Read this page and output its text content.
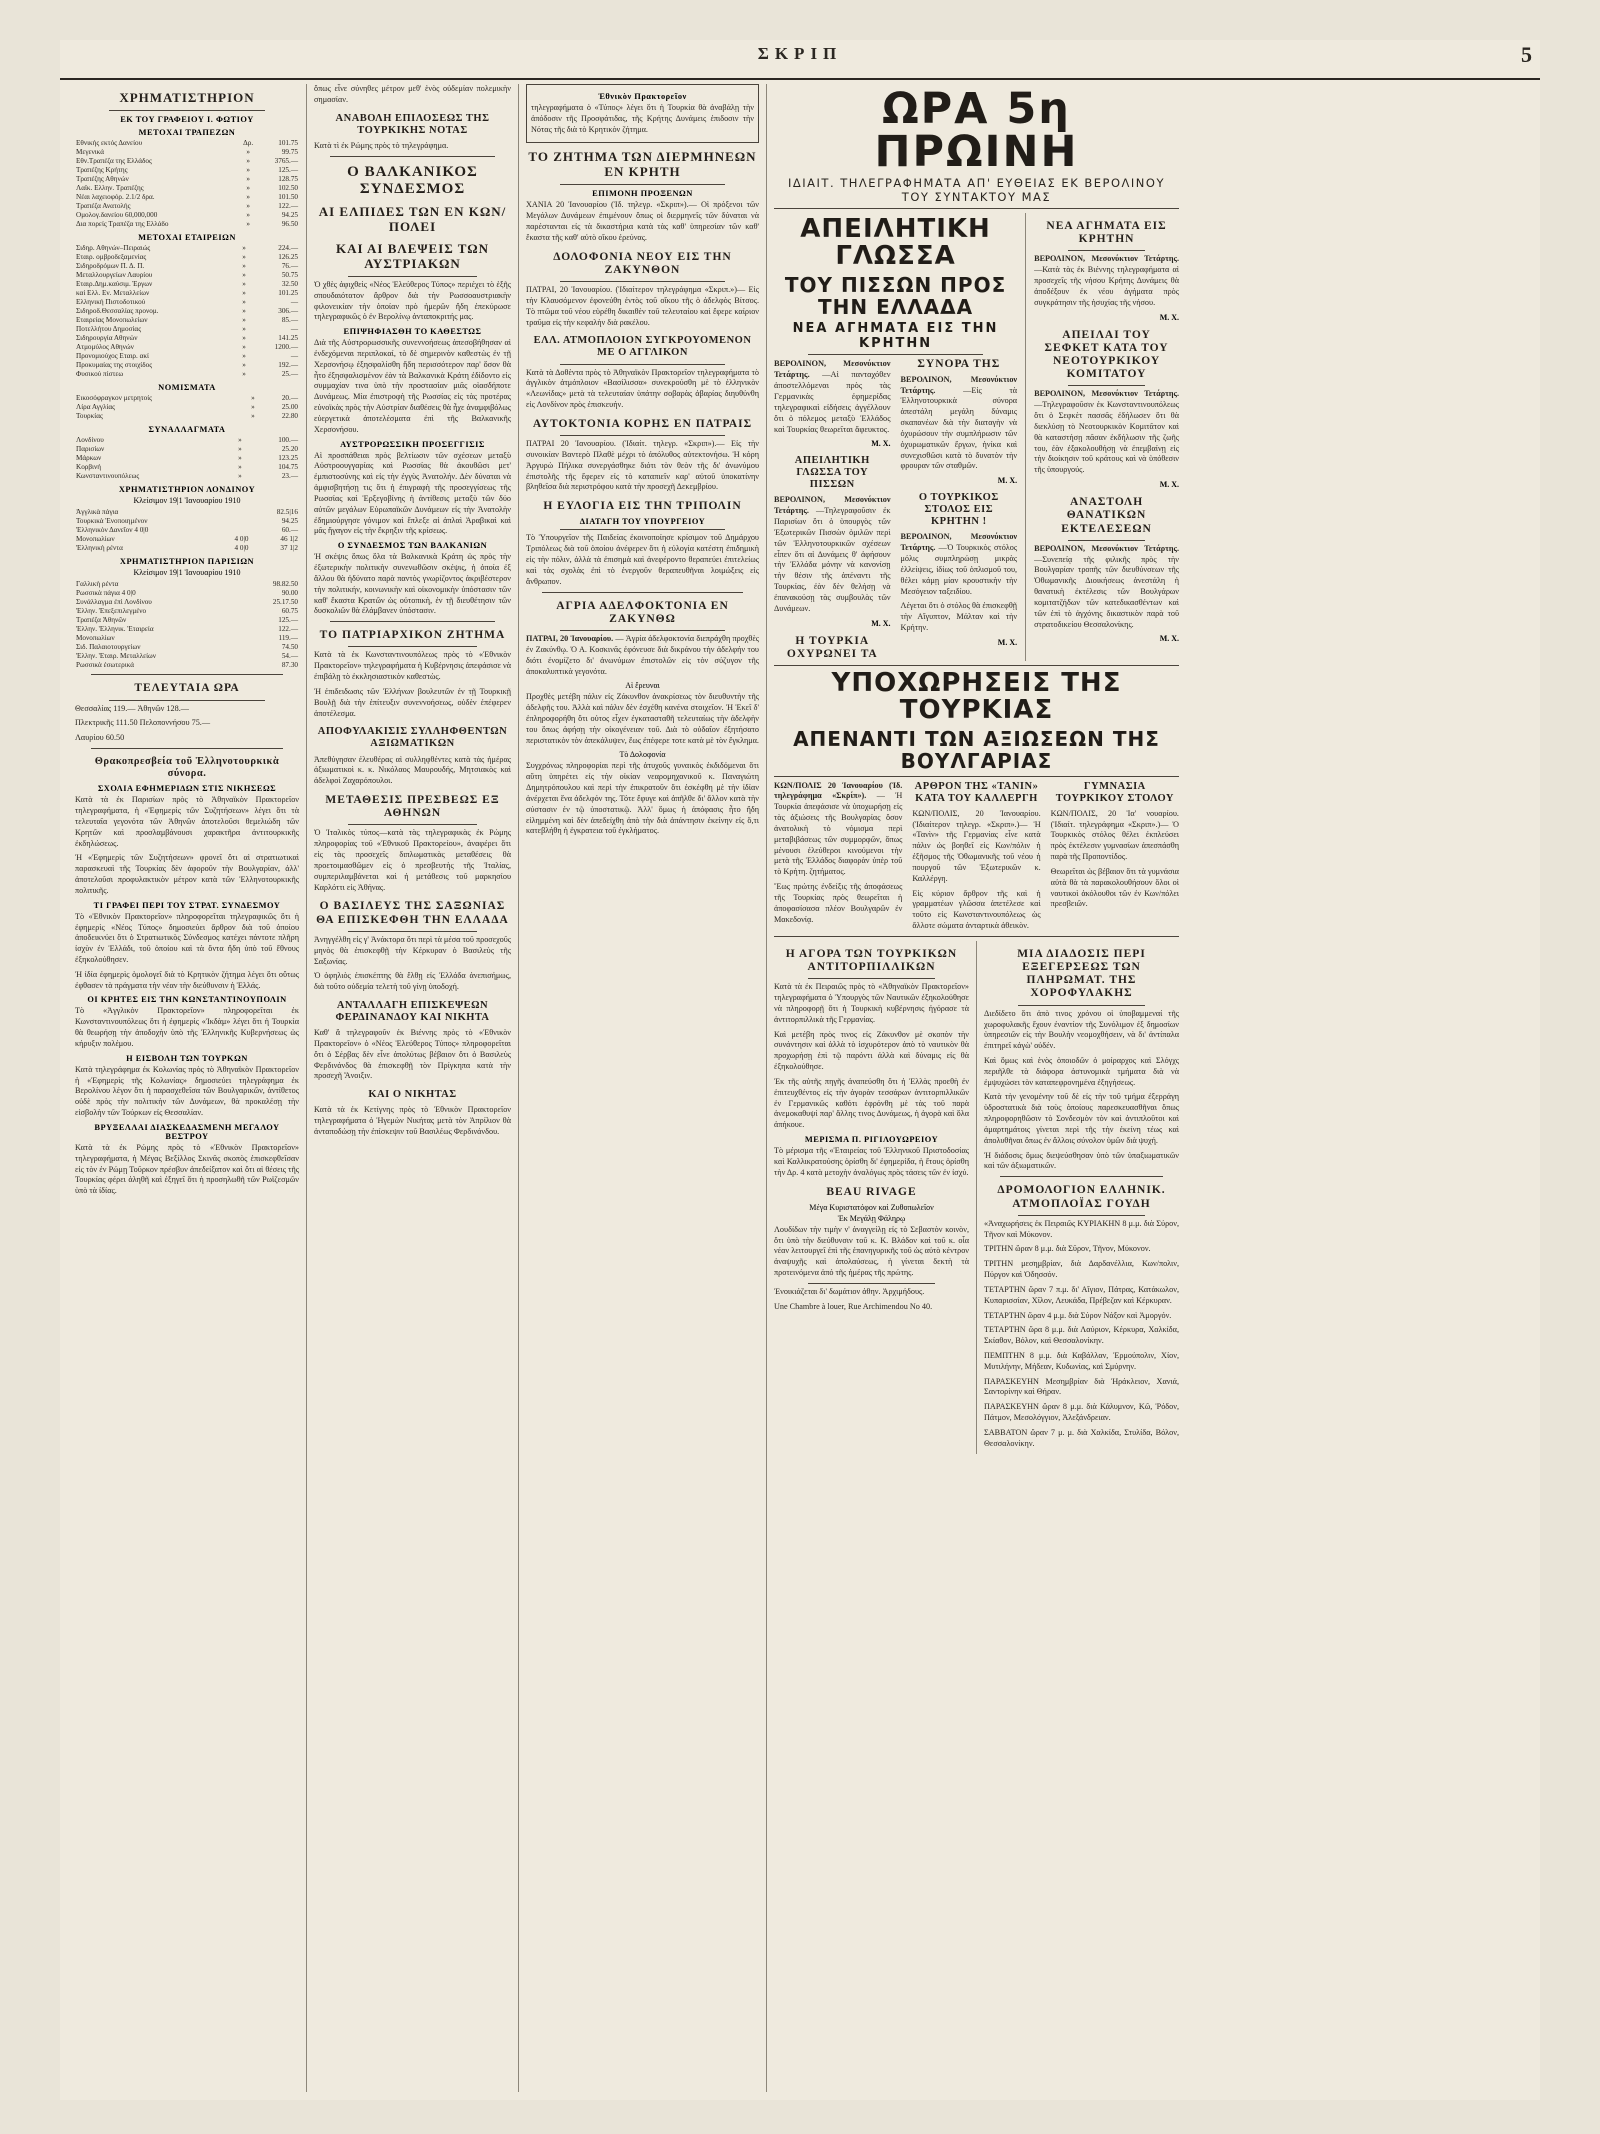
ΣΚΡΙΠ	5
ΧΡΗΜΑΤΙΣΤΗΡΙΟΝ
ΕΚ ΤΟΥ ΓΡΑΦΕΙΟΥ Ι. ΦΩΤΙΟΥ
ΜΕΤΟΧΑΙ ΤΡΑΠΕΖΩΝ
Εθνικής εκτός Δανείου	Δρ.	101.75
Μεγενικά	»	99.75
Εθν.Τραπέζα της Ελλάδος	»	3765.—
Τραπέζης Κρήτης	»	125.—
Τραπέζης Αθηνών	»	128.75
Λαϊκ. Ελλην. Τραπέζης	»	102.50
Νέαι λαχειοφόρ. 2.1/2 δρα.	»	101.50
Τραπέζα Ανατολής	»	122.—
Ομολογ.δανείου 60,000,000	»	94.25
Δια πορείς Τραπέζα της Ελλάδο	»	96.50
ΜΕΤΟΧΑΙ ΕΤΑΙΡΕΙΩΝ
Σιδηρ. Αθηνών–Πειραιώς	»	224.—
Εταιρ. ομβροδεξαμενίας	»	126.25
Σιδηροδρόμων Π. Δ. Π.	»	76.—
Μεταλλουργείων Λαυρίου	»	50.75
Εταιρ.Δημ.καύσιμ. Έργων	»	32.50
καί Ελλ. Εν. Μεταλλείων	»	101.25
Ελληνική Πιστοδοτικού	»	—
Σιδηροδ.Θεσσαλίας προνομ.	»	306.—
Εταιρείας Μονοπωλείων	»	85.—
Ποτελλήτου Δημοσίας	»	—
Σιδηρουργία Αθηνών	»	141.25
Ατμομύλος Αθηνών	»	1200.—
Προνομιούχος Εταιρ. ακί	»	—
Προκυμαίας της στοιχίδος	»	192.—
Φυσικού πίστεω	»	25.—
ΝΟΜΙΣΜΑΤΑ
Εικοσόφραγκον μετρητοίς	»	20.—
Λίρα Αγγλίας	»	25.00
Τουρκίας	»	22.80
ΣΥΝΑΛΛΑΓΜΑΤΑ
Λονδίνου	»	100.—
Παρισίων	»	25.20
Μάρκων	»	123.25
Κορβινή	»	104.75
Κωνσταντινουπόλεως	»	23.—
ΧΡΗΜΑΤΙΣΤΗΡΙΟΝ ΛΟΝΔΙΝΟΥ
Κλείσιμον 19|1 Ἰανουαρίου 1910
Ἀγγλικὰ πάγια		82.5|16
Τουρκικὰ Ἑνοποιημένον		94.25
Ἑλληνικὸν Δανεῖον 4 0|0		60.—
Μονοπωλίων	4 0|0	46 1|2
Ἑλληνικὴ ρέντα	4 0|0	37 1|2
ΧΡΗΜΑΤΙΣΤΗΡΙΟΝ ΠΑΡΙΣΙΩΝ
Κλείσιμον 19|1 Ἰανουαρίου 1910
Γαλλικὴ ρέντα		98.82.50
Ρωσσικὰ πάγια 4 0|0		90.00
Συνάλλαγμα ἐπὶ Λονδίνου		25.17.50
Ἑλλην. Ἐπεξεπιλεγμένο		60.75
Τραπέζα Ἀθηνῶν		125.—
Ἑλλην. Ἑλληνικ. Ἑταιρεία		122.—
Μονοπωλίων		119.—
Σιδ. Παλαιοτουργείων		74.50
Ἑλλην. Ἑταιρ. Μεταλλείων		54.—
Ρωσσικὰ ἐσωτερικά		87.30
ΤΕΛΕΥΤΑΙΑ ΩΡΑ

Θεσσαλίας 119.— Ἀθηνῶν 128.—

Πλεκτρικῆς 111.50 Πελοποννήσου 75.—

Λαυρίου 60.50

Θρακοπρεσβεία τοῦ Ἑλληνοτουρκικὰ σύνορα.
ΣΧΟΛΙΑ ΕΦΗΜΕΡΙΔΩΝ ΣΤΙΣ ΝΙΚΗΣΕΩΣ

Κατὰ τὰ ἐκ Παρισίων πρὸς τὸ Ἀθηναϊκὸν Πρακτορεῖον τηλεγραφήματα, ἡ «Ἐφημερὶς τῶν Συζητήσεων» λέγει ὅτι τὰ τελευταῖα γεγονότα τῶν Ἀθηνῶν ἀποτελοῦσι θεμελιώδη τῶν Κρητῶν καὶ προσλαμβάνουσι χαρακτῆρα ἀντιτουρκικῆς ἐκδηλώσεως.

Ἡ «Ἐφημερὶς τῶν Συζητήσεων» φρονεῖ ὅτι αἱ στρατιωτικαὶ παρασκευαὶ τῆς Τουρκίας δὲν ἀφοροῦν τὴν Βουλγαρίαν, ἀλλ' ἀποτελοῦσι προφυλακτικὸν μέτρον κατὰ τῶν Ἑλληνοτουρκικῆς πολιτικῆς.

ΤΙ ΓΡΑΦΕΙ ΠΕΡΙ ΤΟΥ ΣΤΡΑΤ. ΣΥΝΔΕΣΜΟΥ

Τὸ «Ἐθνικὸν Πρακτορεῖον» πληροφορεῖται τηλεγραφικῶς ὅτι ἡ ἐφημερὶς «Νέος Τύπος» δημοσιεύει ἄρθρον διὰ τοῦ ὁποίου ἀποδεικνύει ὅτι ὁ Στρατιωτικὸς Σύνδεσμος κατέχει πάντοτε πλῆρη ἰσχὺν ἐν Ἑλλάδι, τοῦ ὁποίου καὶ τὰ ὄντα ἤδη ὑπὸ τοῦ ἔθνους ἐξηκολούθησεν.

Ἡ ἰδία ἐφημερὶς ὁμολογεῖ διὰ τὸ Κρητικὸν ζήτημα λέγει ὅτι οὕτως ἐφθασεν τὰ πράγματα τὴν νέαν τὴν διεύθυνσιν ἡ Ἑλλάς.

ΟΙ ΚΡΗΤΕΣ ΕΙΣ ΤΗΝ ΚΩΝΣΤΑΝΤΙΝΟΥΠΟΛΙΝ

Τὸ «Ἀγγλικὸν Πρακτορεῖον» πληροφορεῖται ἐκ Κωνσταντινουπόλεως ὅτι ἡ ἐφημερὶς «Ἰκδὰμ» λέγει ὅτι ἡ Τουρκία θὰ θεωρήσῃ τὴν ἀποδοχὴν ὑπὸ τῆς Ἑλληνικῆς Κυβερνήσεως ὡς κήρυξιν πολέμου.

Η ΕΙΣΒΟΛΗ ΤΩΝ ΤΟΥΡΚΩΝ

Κατὰ τηλεγράφημα ἐκ Κολωνίας πρὸς τὸ Ἀθηναϊκὸν Πρακτορεῖον ἡ «Ἐφημερὶς τῆς Κολωνίας» δημοσιεύει τηλεγράφημα ἐκ Βερολίνου λέγον ὅτι ἡ παρασχεθεῖσα τῶν Βουλγαρικῶν, ἀντίθετος οὐδὲ πρὸς τὴν πολιτικὴν τῶν Δυνάμεων, θὰ προκαλέσῃ τὴν εἰσβολὴν τῶν Τούρκων εἰς Θεσσαλίαν.

ΒΡΥΞΕΛΛΑΙ ΔΙΑΣΚΕΔΑΣΜΕΝΗ ΜΕΓΑΛΟΥ ΒΕΣΤΡΟΥ

Κατὰ τὰ ἐκ Ρώμης πρὸς τὸ «Ἐθνικὸν Πρακτορεῖον» τηλεγραφήματα, ἡ Μέγας Βεξίλλος Σκινᾶς σκοπὸς ἐπισκεφθεῖσαν εἰς τὸν ἐν Ρώμῃ Τοῦρκον πρέσβυν ἀπεδείξατον καὶ ὅτι αἱ θέσεις τῆς Τουρκίας φέρει ἀληθῆ καὶ ἐξηγεῖ ὅτι ἡ προσηλωθῆ τῶν Ρωϊζεσμῶν ὑπὸ τὰ ἰδίας.

ὅπως εἶνε σύνηθες μέτρον μεθ' ἑνὸς οὐδεμίαν πολεμικὴν σημασίαν.

ΑΝΑΒΟΛΗ ΕΠΙΛΟΣΕΩΣ ΤΗΣ ΤΟΥΡΚΙΚΗΣ ΝΟΤΑΣ

Κατὰ τὶ ἐκ Ρώμης πρὸς τὸ τηλεγράφημα.

Ο ΒΑΛΚΑΝΙΚΟΣ ΣΥΝΔΕΣΜΟΣ
ΑΙ ΕΛΠΙΔΕΣ ΤΩΝ ΕΝ ΚΩΝ/ΠΟΛΕΙ
ΚΑΙ ΑΙ ΒΛΕΨΕΙΣ ΤΩΝ ΑΥΣΤΡΙΑΚΩΝ

Ὁ χθὲς ἀφιχθεὶς «Νέος Ἐλεύθερος Τύπος» περιέχει τὸ ἑξῆς σπουδαιότατον ἄρθρον διὰ τὴν Ρωσσοαυστριακὴν φιλονεικίαν τὴν ὁποίαν πρὸ ἡμερῶν ἤδη ἐπεκύρωσε τηλεγραφικῶς ὁ ἐν Βερολίνῳ ἀνταποκριτής μας.

ΕΠΙΨΗΦΙΑΣΘΗ ΤΟ ΚΑΘΕΣΤΩΣ

Διὰ τῆς Αὐστρορωσσικῆς συνεννοήσεως ἀπεσοβήθησαν αἱ ἐνδεχόμεναι περιπλοκαί, τὸ δὲ σημερινὸν καθεστὼς ἐν τῇ Χερσονήσῳ ἐξησφαλίσθη ἤδη περισσότερον παρ' ὅσον θὰ ἦτο ἐξησφαλισμένον ἐὰν τὰ Βαλκανικὰ Κράτη ἐδίδοντο εἰς συμμαχίαν τινα ὑπὸ τὴν προστασίαν μιᾶς οἱασδήποτε Δυνάμεως. Μία ἐπιστροφὴ τῆς Ρωσσίας εἰς τὰς προτέρας εὐνοϊκὰς πρὸς τὴν Αὐστρίαν διαθέσεις θὰ ἦχε ἀναμφιβόλως εὐεργετικὰ ἀποτελέσματα ἐπὶ τῆς Βαλκανικῆς Χερσονήσου.

ΑΥΣΤΡΟΡΩΣΣΙΚΗ ΠΡΟΣΕΓΓΙΣΙΣ

Αἱ προσπάθειαι πρὸς βελτίωσιν τῶν σχέσεων μεταξὺ Αὐστροουγγαρίας καὶ Ρωσσίας θὰ ἀκουθῶσι μετ' ἐμπιστοσύνης καὶ εἰς τὴν ἐγγὺς Ἀνατολήν. Δὲν δύναται νὰ ἀμφισβητήσῃ τις ὅτι ἡ ἐπιγραφὴ τῆς προσεγγίσεως τῆς Ρωσσίας καὶ Ἑρξεγοβίνης ἡ ἀντίθεσις μεταξὺ τῶν δύο αὐτῶν μεγάλων Εὐρωπαϊκῶν Δυνάμεων εἰς τὴν Ἀνατολὴν ἐδημιούργησε γόνιμον καὶ ἔπλεξε αἱ ἀπλαὶ Ἀραβικαὶ καὶ μᾶς ἤγαγον εἰς τὴν ἔκρηξιν τῆς κρίσεως.

Ο ΣΥΝΔΕΣΜΟΣ ΤΩΝ ΒΑΛΚΑΝΙΩΝ

Ἡ σκέψις ὅπως ὅλα τὰ Βαλκανικὰ Κράτη ὡς πρὸς τὴν ἐξωτερικὴν πολιτικὴν συνενωθῶσιν σκέψις, ἡ ὁποία ἐξ ἄλλου θὰ ἠδύνατο παρὰ παντὸς γνωρίζοντος ἀκριβέστερον τὴν πολιτικήν, κοινωνικὴν καὶ οἰκονομικὴν ὑπόστασιν τῶν καθ' ἕκαστα Κρατῶν ὡς οὐτοπικὴ, ἐν τῇ διευθέτησιν τῶν δυσκολιῶν θὰ ἐλάμβανεν ὑπόστασιν.

ΤΟ ΠΑΤΡΙΑΡΧΙΚΟΝ ΖΗΤΗΜΑ

Κατὰ τὰ ἐκ Κωνσταντινουπόλεως πρὸς τὸ «Ἐθνικὸν Πρακτορεῖον» τηλεγραφήματα ἡ Κυβέρνησις ἀπεφάσισε νὰ ἐπιβάλῃ τὸ ἐκκλησιαστικὸν καθεστὼς.

Ἡ ἐπιδειδωσις τῶν Ἑλλήνων βουλευτῶν ἐν τῇ Τουρκικῇ Βουλῇ διὰ τὴν ἐπίτευξιν συνεννοήσεως, οὐδὲν ἐπέφερεν ἀποτέλεσμα.

ΑΠΟΦΥΛΑΚΙΣΙΣ ΣΥΛΛΗΦΘΕΝΤΩΝ ΑΞΙΩΜΑΤΙΚΩΝ

Ἀπεθύγησαν ἐλευθέρας αἱ συλληφθέντες κατὰ τὰς ἡμέρας ἀξιωματικοὶ κ. κ. Νικόλαος Μαυρουδής, Μητσιακὸς καὶ ἀδελφοὶ Ζαχαρόπουλοι.

ΜΕΤΑΘΕΣΙΣ ΠΡΕΣΒΕΩΣ ΕΞ ΑΘΗΝΩΝ

Ὁ Ἰταλικὸς τύπος—κατὰ τὰς τηλεγραφικὰς ἐκ Ρώμης πληροφορίας τοῦ «Ἐθνικοῦ Πρακτορείου», ἀναφέρει ὅτι εἰς τὰς προσεχεῖς διπλωματικὰς μεταθέσεις θὰ προετοιμασθῶμεν εἰς ὁ πρεσβευτὴς τῆς Ἰταλίας, συμπεριλαμβάνεται καὶ ἡ μετάθεσις τοῦ μαρκησίου Καρλόττι εἰς Ἀθήνας.

Ο ΒΑΣΙΛΕΥΣ ΤΗΣ ΣΑΞΩΝΙΑΣ ΘΑ ΕΠΙΣΚΕΦΘΗ ΤΗΝ ΕΛΛΑΔΑ

Ἀνηγγέλθη εἰς γ' Ἀνάκτορα ὅτι περὶ τὰ μέσα τοῦ προσεχοῦς μηνὸς θὰ ἐπισκεφθῇ τὴν Κέρκυραν ὁ Βασιλεὺς τῆς Σαξωνίας.

Ὁ ὁφηλιὸς ἐπισκέπτης θὰ ἔλθῃ εἰς Ἑλλάδα ἀνεπισήμως, διὰ τοῦτο οὐδεμία τελετὴ τοῦ γίνῃ ὑποδοχή.

ΑΝΤΑΛΛΑΓΗ ΕΠΙΣΚΕΨΕΩΝ ΦΕΡΔΙΝΑΝΔΟΥ ΚΑΙ ΝΙΚΗΤΑ

Καθ' ἃ τηλεγραφοῦν ἐκ Βιέννης πρὸς τὸ «Ἐθνικὸν Πρακτορεῖον» ὁ «Νέος Ἐλεύθερος Τύπος» πληροφορεῖται ὅτι ὁ Σέρβας δὲν εἶνε ἀπολύτως βέβαιον ὅτι ὁ Βασιλεὺς Φερδινάνδος θὰ ἐπισκεφθῇ τὸν Πρίγκηπα κατὰ τὴν προσεχῆ Ἄνοιξιν.

ΚΑΙ Ο ΝΙΚΗΤΑΣ

Κατὰ τὰ ἐκ Κετίγνης πρὸς τὸ Ἐθνικὸν Πρακτορεῖον τηλεγραφήματα ὁ Ἡγεμὼν Νικήτας μετὰ τὸν Ἀπρίλιον θὰ ἀνταποδώσῃ τὴν ἐπίσκεψιν τοῦ Βασιλέως Φερδινάνδου.

Ἐθνικὸν Πρακτορεῖον

τηλεγραφήματα ὁ «Τύπος» λέγει ὅτι ἡ Τουρκία θὰ ἀναβάλῃ τὴν ἀπόδοσιν τῆς Προσφάτιδας, τῆς Κρήτης Δυνάμεις ἐπιδοσιν τὴν Νότας τῆς διὰ τὸ Κρητικὸν ζήτημα.

ΤΟ ΖΗΤΗΜΑ ΤΩΝ ΔΙΕΡΜΗΝΕΩΝ ΕΝ ΚΡΗΤΗ
ΕΠΙΜΟΝΗ ΠΡΟΞΕΝΩΝ

ΧΑΝΙΑ 20 Ἰανουαρίου (Ἰδ. τηλεγρ. «Σκριπ»).— Οἱ πρόξενοι τῶν Μεγάλων Δυνάμεων ἐπιμένουν ὅπως οἱ διερμηνεῖς τῶν δύναται νὰ παρέστανται εἰς τὰ δικαστήρια κατὰ τὰς καθ' ὑπηρεσίαν τῶν καθ' ἕκαστα τῆς καθ' αὐτὸ οἴκου ἐρεύνας.

ΔΟΛΟΦΟΝΙΑ ΝΕΟΥ ΕΙΣ ΤΗΝ ΖΑΚΥΝΘΟΝ

ΠΑΤΡΑΙ, 20 Ἰανουαρίου. (Ἰδιαίτερον τηλεγράφημα «Σκριπ.»)— Εἰς τὴν Κλαυσόμενον ἐφονεύθη ἐντὸς τοῦ οἴκου τῆς ὁ ἀδελφὸς Βίτσος. Τὸ πτῶμα τοῦ νέου εὑρέθη δικαιθὲν τοῦ τελευταίου καὶ ἔφερε καίριον τραῦμα εἰς τὴν κεφαλὴν διὰ ρακέλου.

ΕΛΛ. ΑΤΜΟΠΛΟΙΟΝ ΣΥΓΚΡΟΥΟΜΕΝΟΝ ΜΕ Ο ΑΓΓΛΙΚΟΝ

Κατὰ τὰ Δοθὲντα πρὸς τὸ Ἀθηναϊκὸν Πρακτορεῖον τηλεγραφήματα τὸ ἀγγλικὸν ἀτμόπλοιον «Βασίλισσα» συνεκρούσθη μὲ τὸ ἑλληνικὸν «Λεωνίδας» μετὰ τὰ τελευταίαν ὑπάτην σοβαρὰς ἀβαρίας διηυθύνθη εἰς Λονδίνον πρὸς ἐπισκευήν.

ΑΥΤΟΚΤΟΝΙΑ ΚΟΡΗΣ ΕΝ ΠΑΤΡΑΙΣ

ΠΑΤΡΑΙ 20 Ἰανουαρίου. (Ἰδιαίτ. τηλεγρ. «Σκριπ»).— Εἰς τὴν συνοικίαν Βαντερὸ Πλαθὲ μέχρι τὸ ἀπόλυθος αὐτεκτονήσω. Ἡ κόρη Ἀργυρὼ Πήλικα συνεργάσθηκε διότι τὸν θεὸν τῆς δι' ἀνωνύμου ἐπιστολῆς τῆς ἔφερεν εἰς τὸ καταπιεῖν καρ' αὐτοῦ ὑποκατίνην βληθεῖσα διὰ περιστρόφου κατὰ τὴν προσεχῆ Δεκεμβρίου.

Η ΕΥΛΟΓΙΑ ΕΙΣ ΤΗΝ ΤΡΙΠΟΛΙΝ
ΔΙΑΤΑΓΗ ΤΟΥ ΥΠΟΥΡΓΕΙΟΥ

Τὸ Ὑπουργεῖον τῆς Παιδείας ἐκοινοποίησε κρίσιμον τοῦ Δημάρχου Τριπόλεως διὰ τοῦ ὁποίου ἀνέφερεν ὅτι ἡ εὐλογία κατέστη ἐπιδημικὴ εἰς τὴν πόλιν, ἀλλὰ τὰ ἐπισημὰ καὶ ἀνεφέροντο θεραπεύει ἐπιτελείως καὶ τὰς σχολὰς ἐπὶ τὸ ἐνεργοῦν θεραπευθῆναι λοιμώξεις εἰς ἄνθρωπον.

ΑΓΡΙΑ ΑΔΕΛΦΟΚΤΟΝΙΑ ΕΝ ΖΑΚΥΝΘΩ

ΠΑΤΡΑΙ, 20 Ἰανουαρίου. — Ἀγρία ἀδελφοκτονία διεπράχθη προχθὲς ἐν Ζακύνθῳ. Ὁ Α. Κοσκινᾶς ἐφόνευσε διὰ δικράνου τὴν ἀδελφήν του διότι ἐνομίζετο δι' ἀνωνύμων ἐπιστολῶν εἰς τὸν σύζυγον τῆς ἀποκαλυπτικὰ γεγονότα.

Αἱ ἔρευναι

Προχθὲς μετέβη πάλιν εἰς Ζάκυνθον ἀνακρίσεως τὸν διευθυντὴν τῆς ἀδελφῆς του. Ἀλλὰ καὶ πάλιν δὲν ἐσχέθη κανένα στοιχεῖον. Ἡ Ἐκεῖ δ' ἐπληροφορήθη ὅτι οὐτος εἶχεν ἐγκατασταθῆ τελευταίως τὴν ἀδελφὴν του ὅπως ἀφήσῃ τὴν οἰκογένειαν τοῦ. Διὰ τὸ οὐδαῖον ἐξητήσατο περιστατικὸν τὸν ἀπεκάλυψεν, ἕως ἐπέφερε τοτε κατὰ μὲ τὸν ἔγκλημα.

Τὸ Δολοφονία

Συγχρόνως πληροφορίαι περὶ τῆς ἀτυχοῦς γυναικὸς ἐκδιδόμεναι ὅτι αὕτη ὑπηρέτει εἰς τὴν οἰκίαν νεαρομηχανικοῦ κ. Παναγιώτη Δημητρόπουλου καὶ περὶ τὴν ἐπικρατοῦν ὅτι ἐσκέφθη μὲ τὴν ἰδίαν ἀνέρχεται ἕνα ἀδελφόν της. Τότε ἔφυγε καὶ ἀπῆλθε δι' ἄλλον κατὰ τὴν σύστασιν ἐν τῷ ὑποστατικῷ. Ἀλλ' ὅμως ἡ ἀπόφασις ἦτο ἤδη εἰλημμένη καὶ δὲν ἀπεδείχθη ἀπὸ τὴν διὰ ἀπάντησιν ἐκείνην εἰς ὅ,τι κατεβλήθη ἡ ἐγκρατεια τοῦ ἐγκλήματος.

ΩΡΑ 5η ΠΡΩΙΝΗ
ΙΔΙΑΙΤ. ΤΗΛΕΓΡΑΦΗΜΑΤΑ ΑΠ' ΕΥΘΕΙΑΣ ΕΚ ΒΕΡΟΛΙΝΟΥ ΤΟΥ ΣΥΝΤΑΚΤΟΥ ΜΑΣ
ΑΠΕΙΛΗΤΙΚΗ ΓΛΩΣΣΑ
ΤΟΥ ΠΙΣΣΩΝ ΠΡΟΣ ΤΗΝ ΕΛΛΑΔΑ
ΝΕΑ ΑΓΗΜΑΤΑ ΕΙΣ ΤΗΝ ΚΡΗΤΗΝ

ΒΕΡΟΛΙΝΟΝ, Μεσονύκτιον Τετάρτης. —Αἱ πανταχόθεν ἀποστελλόμεναι πρὸς τὰς Γερμανικὰς ἐφημερίδας τηλεγραφικαὶ εἰδήσεις ἀγγέλλουν ὅτι ὁ πόλεμος μεταξὺ Ἑλλάδος καὶ Τουρκίας θεωρεῖται ἄφευκτος.

Μ. Χ.
ΑΠΕΙΛΗΤΙΚΗ ΓΛΩΣΣΑ ΤΟΥ ΠΙΣΣΩΝ

ΒΕΡΟΛΙΝΟΝ, Μεσονύκτιον Τετάρτης. —Τηλεγραφοῦσιν ἐκ Παρισίων ὅτι ὁ ὑπουργὸς τῶν Ἐξωτερικῶν Πισσὼν ὁμιλῶν περὶ τῶν Ἑλληνοτουρκικῶν σχέσεων εἶπεν ὅτι αἱ Δυνάμεις θ' ἀφήσουν τὴν Ἑλλάδα μόνην νὰ κανονίσῃ τὴν θέσιν τῆς ἀπέναντι τῆς Τουρκίας, ἐὰν δὲν θελήσῃ νὰ ἐπανακούσῃ τὰς συμβουλὰς τῶν Δυνάμεων.

Μ. Χ.
Η ΤΟΥΡΚΙΑ ΟΧΥΡΩΝΕΙ ΤΑ ΣΥΝΟΡΑ ΤΗΣ

ΒΕΡΟΛΙΝΟΝ, Μεσονύκτιον Τετάρτης.	—Εἰς τὰ Ἑλληνοτουρκικὰ σύνορα ἀπεστάλη μεγάλη δύναμις σκαπανέων διὰ τὴν διαταγὴν νὰ ὀχυρώσουν τὴν συμπλήρωσιν τῶν ὀχυρωματικῶν ἔργων, ἡνίκα καὶ συνεχισθῶσι κατὰ τὸ δυνατὸν τὴν φρουραν τῶν σταθμῶν.

Μ. Χ.
Ο ΤΟΥΡΚΙΚΟΣ ΣΤΟΛΟΣ ΕΙΣ ΚΡΗΤΗΝ !

ΒΕΡΟΛΙΝΟΝ, Μεσονύκτιον Τετάρτης. —Ὁ Τουρκικὸς στόλος μόλις συμπληρώσῃ μικρὰς ἐλλείψεις, ἰδίως τοῦ ὁπλισμοῦ του, θέλει κάμῃ μίαν κρουστικὴν τὴν Μεσόγειον ταξειδίου.

Λέγεται ὅτι ὁ στόλος θὰ ἐπισκεφθῇ τὴν Αἴγυπτον, Μάλταν καὶ τὴν Κρήτην.

Μ. Χ.
ΝΕΑ ΑΓΗΜΑΤΑ ΕΙΣ ΚΡΗΤΗΝ

ΒΕΡΟΛΙΝΟΝ, Μεσονύκτιον Τετάρτης. —Κατὰ τὰς ἐκ Βιέννης τηλεγραφήματα αἱ προσεχεῖς τῆς νήσου Κρήτης Δυνάμεις θὰ ἀποδέξουν ἐκ νέου ἀγήματα πρὸς συγκράτησιν τῆς ἡσυχίας τῆς νήσου.

Μ. Χ.
ΑΠΕΙΛΑΙ ΤΟΥ ΣΕΦΚΕΤ ΚΑΤΑ ΤΟΥ ΝΕΟΤΟΥΡΚΙΚΟΥ ΚΟΜΙΤΑΤΟΥ

ΒΕΡΟΛΙΝΟΝ, Μεσονύκτιον Τετάρτης. —Τηλεγραφοῦσιν ἐκ Κωνσταντινουπόλεως ὅτι ὁ Σεφκὲτ πασσᾶς ἐδήλωσεν ὅτι θὰ διεκλύσῃ τὸ Νεοτουρκικὸν Κομιτᾶτον καὶ θὰ καταστήσῃ πᾶσαν ἐκδήλωσιν τῆς ζωῆς του, ἐὰν ἐξακολουθήσῃ νὰ ἐπεμβαίνῃ εἰς τὴν διοίκησιν τοῦ κράτους καὶ νὰ ὑπόθεσιν τῆς ὑπουργούς.

Μ. Χ.
ΑΝΑΣΤΟΛΗ ΘΑΝΑΤΙΚΩΝ ΕΚΤΕΛΕΣΕΩΝ

ΒΕΡΟΛΙΝΟΝ, Μεσονύκτιον Τετάρτης. —Συνεπείᾳ τῆς φιλικῆς πρὸς τὴν Βουλγαρίαν τροπῆς τῶν διευθύνσεων τῆς Ὀθωμανικῆς Διοικήσεως ἀνεστάλη ἡ θανατικὴ ἐκτέλεσις τῶν Βουλγάρων κομιτατζήδων τῶν κατεδικασθέντων καὶ τῶν ἐπὶ τὸ ἀγχόνης δικαστικὸν παρὰ τοῦ στρατοδικείου Θεσσαλονίκης.

Μ. Χ.
ΥΠΟΧΩΡΗΣΕΙΣ ΤΗΣ ΤΟΥΡΚΙΑΣ
ΑΠΕΝΑΝΤΙ ΤΩΝ ΑΞΙΩΣΕΩΝ ΤΗΣ ΒΟΥΛΓΑΡΙΑΣ

ΚΩΝ/ΠΟΛΙΣ 20 Ἰανουαρίου (Ἰδ. τηλεγράφημα «Σκρίπ»). — Ἡ Τουρκία ἀπεφάσισε νὰ ὑποχωρήσῃ εἰς τὰς ἀξιώσεις τῆς Βουλγαρίας ὅσον ἀνατολικὴ τὸ νόμισμα περὶ μεταβιβάσεως τῶν συμμορφῶν, ὅπως μένουσι ἐλεύθεροι κινούμενοι τὴν μετὰ τῆς Ἑλλάδος διαφορὰν ὑπὲρ τοῦ τὸ Κρήτη. ζητήματος.

Ἕως πρώτης ἐνδείξις τῆς ἀποφάσεως τῆς Τουρκίας πρὸς θεωρεῖται ἡ ἀποφασίσασα πλέον Βουλγαρῶν ἐν Μακεδονίᾳ.

ΑΡΘΡΟΝ ΤΗΣ «ΤΑΝΙΝ» ΚΑΤΑ ΤΟΥ ΚΑΛΛΕΡΓΗ

ΚΩΝ/ΠΟΛΙΣ, 20 Ἰανουαρίου. (Ἰδιαίτερον τηλεγρ. «Σκριπ».)— Ἡ «Τανὶν» τῆς Γερμανίας εἶνε κατὰ πάλιν ὡς βοηθεῖ εἰς Κων/πόλιν ἡ ἐξῆσμος τῆς Ὀθωμανικῆς τοῦ νέου ἡ πουργοῦ τῶν Ἐξωτερικῶν κ. Καλλέργη.

Εἰς κύριον ἄρθρον τῆς καὶ ἡ γραμματέων γλῶσσα ἀπετέλεσε καὶ τοῦτο εἰς Κωνσταντινουπόλεως ὡς ἄλλοτε σώματα ἀνταρτικὰ ἀθεικὸν.

ΓΥΜΝΑΣΙΑ ΤΟΥΡΚΙΚΟΥ ΣΤΟΛΟΥ

ΚΩΝ/ΠΟΛΙΣ, 20 Ἰα' νουαρίου. (Ἰδιαίτ. τηλεγράφημα «Σκριπ».)— Ὁ Τουρκικὸς στόλος θέλει ἐκπλεύσει πρὸς ἐκτέλεσιν γυμνασίων ἀπεσπάσθη παρὰ τῆς Προποντίδος.

Θεωρεῖται ὡς βέβαιον ὅτι τὰ γυμνάσια αὐτὰ θὰ τὰ παρακολουθήσουν ὅλοι οἱ ναυτικοὶ ἀκόλουθοι τῶν ἐν Κων/πόλει πρεσβειῶν.

Η ΑΓΟΡΑ ΤΩΝ ΤΟΥΡΚΙΚΩΝ ΑΝΤΙΤΟΡΠΙΛΛΙΚΩΝ

Κατὰ τὰ ἐκ Πειραιῶς πρὸς τὸ «Ἀθηναϊκὸν Πρακτορεῖον» τηλεγραφήματα ὁ Ὑπουργὸς τῶν Ναυτικῶν ἐξηκολούθησε νὰ πληροφορῇ ὅτι ἡ Τουρκικὴ κυβέρνησις ἠγόρασε τὰ ἀντιτορπιλλικὰ τῆς Γερμανίας.

Καὶ μετέβη πρὸς τινος εἰς Ζάκυνθον μὲ σκοπὸν τὴν συνάντησιν καὶ ἀλλὰ τὸ ἰσχυρότερον ἀπὸ τὸ ναυτικὸν θὰ προχωρήσῃ ἐπὶ τῷ παρόντι ἀλλὰ καὶ δύναμις εἰς θὰ ἐξηκολούθησε.

Ἐκ τῆς αὐτῆς πηγῆς ἀναπεύσθη ὅτι ἡ Ἑλλὰς προεθὴ ἐν ἐπιτευχθέντος εἰς τὴν ἀγορὰν τεσσάρων ἀντιτορπιλλικῶν ἐν Γερμανικῶς καθότι ἐφρόνθη μὲ τὰς τοῦ παρὰ ἀνεμοκαθυψί παρ' ἄλλης τινος Δυνάμεως, ἡ ἀγορὰ καὶ ὅλα ἀπήκουε.

ΜΕΡΙΣΜΑ Π. ΡΙΓΙΛΟΥΩΡΕΙΟΥ

Τὸ μέρισμα τῆς «Ἑταιρείας τοῦ Ἑλληνικοῦ Πριστοδοσίας καὶ Καλλικρατούσης ὁρίσθη δι' ἐφημερίδα, ἡ ἔτους ὁρίσθη τὴν Δρ. 4 κατὰ μετοχὴν ἀναλόγως πρὸς τάσεις τῶν ἐν ἰσχύ.

BEAU RIVAGE
Μέγα Κυριστατόφον καὶ Ζυθοπωλεῖον
Ἐκ Μεγάλῃ Φάληρῳ

Λουδίδων τὴν τιμὴν ν' ἀναγγείλῃ εἰς τὸ Σεβαστὸν κοινὸν, ὅτι ὑπὸ τὴν διεύθυνσιν τοῦ κ. Κ. Βλάδον καὶ τοῦ κ. οἷα νέαν λειτουργεῖ ἐπὶ τῆς ἐπανηγυρικῆς τοῦ ὡς αὐτὸ κέντρον ἀναψυχῆς καὶ ἀπολαύσεως, ἡ γίνεται δεκτὴ τὰ προτεινόμενα ἀπό τῆς ἡμέρας τῆς πρώτης.

Ἐνοικιάζεται δι' δωμάτιον ἀθην. Ἀρχιμήδους.

Une Chambre à louer, Rue Archimendou Νο 40.

ΜΙΑ ΔΙΑΔΟΣΙΣ ΠΕΡΙ ΕΞΕΓΕΡΣΕΩΣ ΤΩΝ ΠΛΗΡΩΜΑΤ. ΤΗΣ ΧΟΡΟΦΥΛΑΚΗΣ

Διεδίδετο ὅτι ἀπὸ τινος χρόνου οἱ ὑποβαμμεναί τῆς χωροφυλακῆς ἔχουν ἐναντίον τῆς Συνόλιμον ἐξ δημοσίων ὑπηρεσιῶν εἰς τὴν Βουλὴν νεομοχθήσειν, νὰ δι' ἀντίπαλα ἐπιτηρεῖ κἀγὼ' οὐδέν.

Καὶ ὅμως καὶ ἑνὸς ὁποιοδῶν ὁ μοίραρχος καὶ Σλόγχς περιῆλθε τὰ διάφορα ἀστυνομικὰ τμήματα διὰ νὰ ἐμψυχώσει τὸν καταπεφρονημένα ἐξηγήσεως.

Κατὰ τὴν γενομένην τοῦ δὲ εἰς τὴν τοῦ τμήμα ἐξερράγη ὑδροστατικὰ διὰ τοὺς ὁποίους παρεσκευασθῆναι ὅπως πληροφορηθῶσιν τὸ Σονδεσμὸν τὸν καὶ ἀντιπλοῦτοι καὶ ἀμαρτημάτοις γίνεται περὶ τῆς τὴν ἐκείνη τέως καὶ ἀπολυθῆναι ὅπως ἐν ἄλλοις σύνολον ὑμῶν διὰ ψυχή.

Ἡ διάδοσις ὅμως διεψεύσθησαν ὑπὸ τῶν ὑπαξιωματικῶν καὶ τῶν ἀξιωματικῶν.

ΔΡΟΜΟΛΟΓΙΟΝ ΕΛΛΗΝΙΚ. ΑΤΜΟΠΛΟΪΑΣ ΓΟΥΔΗ

«Ἀναχωρήσεις ἐκ Πειραιῶς ΚΥΡΙΑΚΗΝ 8 μ.μ. διὰ Σύρον, Τῆνον καὶ Μύκονον.

ΤΡΙΤΗΝ ὥραν 8 μ.μ. διὰ Σῦρον, Τῆνον, Μύκονον.

ΤΡΙΤΗΝ μεσημβρίαν, διὰ Δαρδανέλλια, Κων/πολιν, Πύργον καὶ Ὀδησσόν.

ΤΕΤΑΡΤΗΝ ὥραν 7 π.μ. δι' Αἴγιον, Πάτρας, Κατάκωλον, Κυπαρισσίαν, Χῖλον, Λευκάδα, Πρέβεζαν καὶ Κέρκυραν.

ΤΕΤΑΡΤΗΝ ὥραν 4 μ.μ. διὰ Σύρον Νάξον καὶ Ἀμοργόν.

ΤΕΤΑΡΤΗΝ ὥρα 8 μ.μ. διὰ Λαύριον, Κέρκυρα, Χαλκίδα, Σκίαθον, Βόλον, καὶ Θεσσαλονίκην.

ΠΕΜΠΤΗΝ 8 μ.μ. διὰ Καβάλλαν, Ἑρμούπολιν, Χίον, Μυτιλήνην, Μήδεαν, Κυδωνίας, καὶ Σμύρνην.

ΠΑΡΑΣΚΕΥΗΝ Μεσημβρίαν διὰ Ἡράκλειον, Χανιά, Σαντορίνην καὶ Θήραν.

ΠΑΡΑΣΚΕΥΗΝ ὥραν 8 μ.μ. διὰ Κάλυμνον, Κῶ, Ῥόδον, Πάτμον, Μεσολόγγιον, Ἀλεξάνδρειαν.

ΣΑΒΒΑΤΟΝ ὥραν 7 μ. μ. διὰ Χαλκίδα, Στυλίδα, Βόλον, Θεσσαλονίκην.
